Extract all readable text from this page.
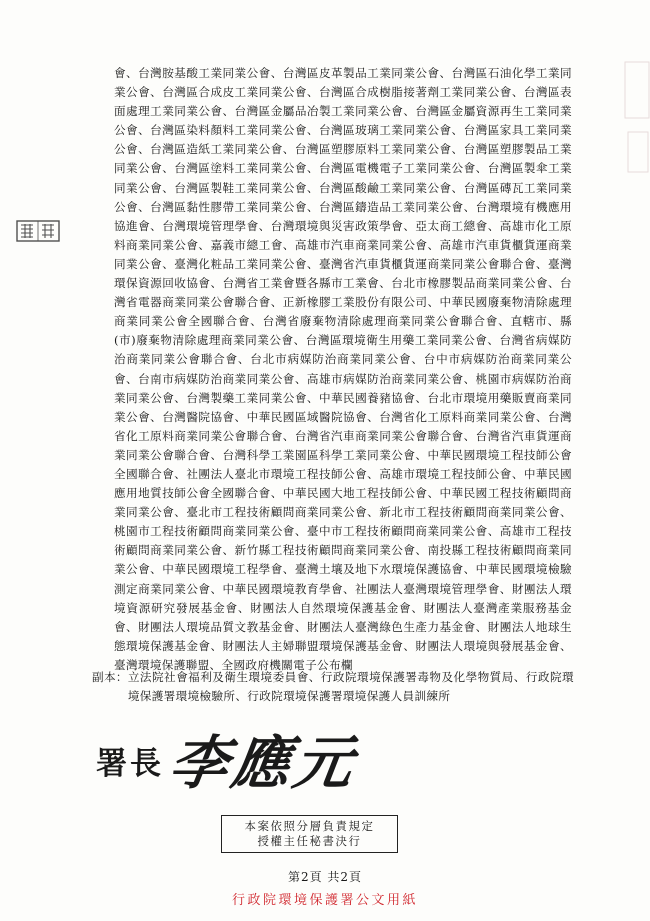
會、台灣胺基酸工業同業公會、台灣區皮革製品工業同業公會、台灣區石油化學工業同業公會、台灣區合成皮工業同業公會、台灣區合成樹脂接著劑工業同業公會、台灣區表面處理工業同業公會、台灣區金屬品冶製工業同業公會、台灣區金屬資源再生工業同業公會、台灣區染料顏料工業同業公會、台灣區玻璃工業同業公會、台灣區家具工業同業公會、台灣區造紙工業同業公會、台灣區塑膠原料工業同業公會、台灣區塑膠製品工業同業公會、台灣區塗料工業同業公會、台灣區電機電子工業同業公會、台灣區製傘工業同業公會、台灣區製鞋工業同業公會、台灣區酸鹼工業同業公會、台灣區磚瓦工業同業公會、台灣區黏性膠帶工業同業公會、台灣區鑄造品工業同業公會、台灣環境有機應用協進會、台灣環境管理學會、台灣環境與災害政策學會、亞太商工總會、高雄市化工原料商業同業公會、嘉義市總工會、高雄市汽車商業同業公會、高雄市汽車貨櫃貨運商業同業公會、臺灣化粧品工業同業公會、臺灣省汽車貨櫃貨運商業同業公會聯合會、臺灣環保資源回收協會、台灣省工業會暨各縣市工業會、台北市橡膠製品商業同業公會、台灣省電器商業同業公會聯合會、正新橡膠工業股份有限公司、中華民國廢棄物清除處理商業同業公會全國聯合會、台灣省廢棄物清除處理商業同業公會聯合會、直轄市、縣(市)廢棄物清除處理商業同業公會、台灣區環境衛生用藥工業同業公會、台灣省病媒防治商業同業公會聯合會、台北市病媒防治商業同業公會、台中市病媒防治商業同業公會、台南市病媒防治商業同業公會、高雄市病媒防治商業同業公會、桃園市病媒防治商業同業公會、台灣製藥工業同業公會、中華民國養豬協會、台北市環境用藥販賣商業同業公會、台灣醫院協會、中華民國區域醫院協會、台灣省化工原料商業同業公會、台灣省化工原料商業同業公會聯合會、台灣省汽車商業同業公會聯合會、台灣省汽車貨運商業同業公會聯合會、台灣科學工業園區科學工業同業公會、中華民國環境工程技師公會全國聯合會、社團法人臺北市環境工程技師公會、高雄市環境工程技師公會、中華民國應用地質技師公會全國聯合會、中華民國大地工程技師公會、中華民國工程技術顧問商業同業公會、臺北市工程技術顧問商業同業公會、新北市工程技術顧問商業同業公會、桃園市工程技術顧問商業同業公會、臺中市工程技術顧問商業同業公會、高雄市工程技術顧問商業同業公會、新竹縣工程技術顧問商業同業公會、南投縣工程技術顧問商業同業公會、中華民國環境工程學會、臺灣土壤及地下水環境保護協會、中華民國環境檢驗測定商業同業公會、中華民國環境教育學會、社團法人臺灣環境管理學會、財團法人環境資源研究發展基金會、財團法人自然環境保護基金會、財團法人臺灣產業服務基金會、財團法人環境品質文教基金會、財團法人臺灣綠色生產力基金會、財團法人地球生態環境保護基金會、財團法人主婦聯盟環境保護基金會、財團法人環境與發展基金會、臺灣環境保護聯盟、全國政府機關電子公布欄

副本： 立法院社會福利及衛生環境委員會、行政院環境保護署毒物及化學物質局、行政院環境保護署環境檢驗所、行政院環境保護署環境保護人員訓練所
署長 李應元
本案依照分層負責規定
授權主任秘書決行
第2頁 共2頁
行政院環境保護署公文用紙
